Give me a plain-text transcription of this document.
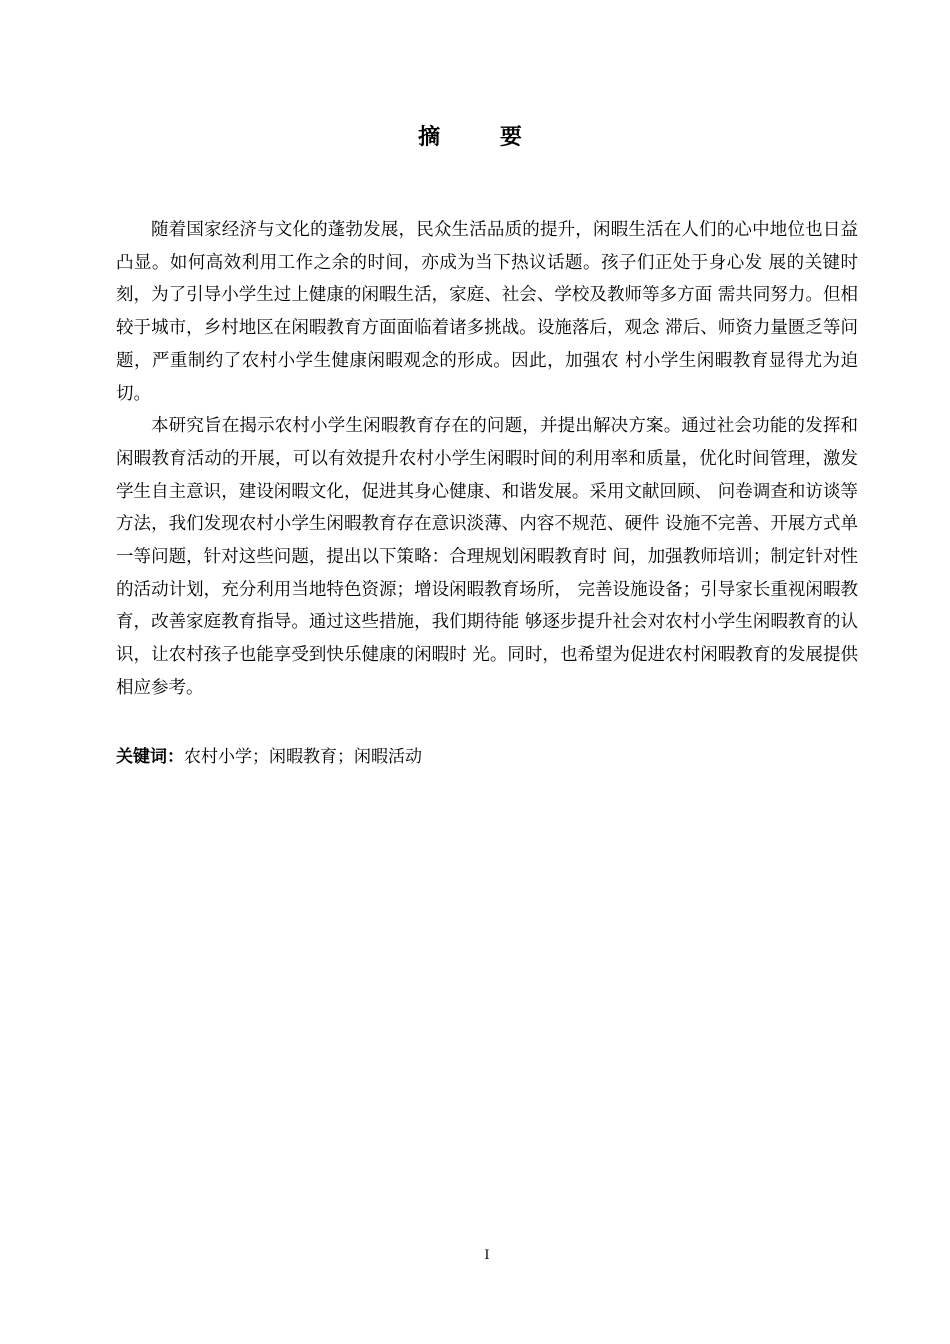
摘 要

随着国家经济与文化的蓬勃发展，民众生活品质的提升，闲暇生活在人们的心中地位也日益凸显。如何高效利用工作之余的时间，亦成为当下热议话题。孩子们正处于身心发 展的关键时刻，为了引导小学生过上健康的闲暇生活，家庭、社会、学校及教师等多方面 需共同努力。但相较于城市，乡村地区在闲暇教育方面面临着诸多挑战。设施落后，观念 滞后、师资力量匮乏等问题，严重制约了农村小学生健康闲暇观念的形成。因此，加强农 村小学生闲暇教育显得尤为迫切。

本研究旨在揭示农村小学生闲暇教育存在的问题，并提出解决方案。通过社会功能的发挥和闲暇教育活动的开展，可以有效提升农村小学生闲暇时间的利用率和质量，优化时间管理，激发学生自主意识，建设闲暇文化，促进其身心健康、和谐发展。采用文献回顾、 问卷调查和访谈等方法，我们发现农村小学生闲暇教育存在意识淡薄、内容不规范、硬件 设施不完善、开展方式单一等问题，针对这些问题，提出以下策略：合理规划闲暇教育时 间，加强教师培训；制定针对性的活动计划，充分利用当地特色资源；增设闲暇教育场所， 完善设施设备；引导家长重视闲暇教育，改善家庭教育指导。通过这些措施，我们期待能 够逐步提升社会对农村小学生闲暇教育的认识，让农村孩子也能享受到快乐健康的闲暇时 光。同时，也希望为促进农村闲暇教育的发展提供相应参考。

关键词：农村小学；闲暇教育；闲暇活动
I
